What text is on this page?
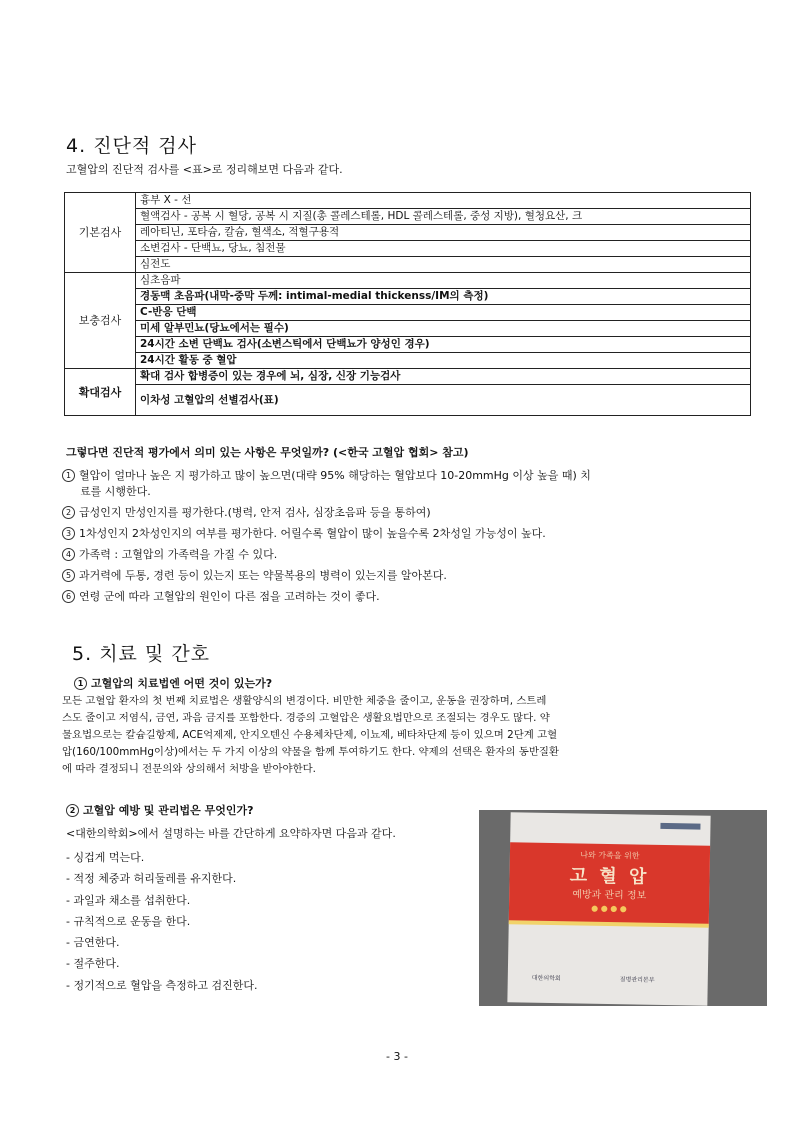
4. 진단적 검사
고혈압의 진단적 검사를 <표>로 정리해보면 다음과 같다.
기본검사	흉부 X - 선
	혈액검사 - 공복 시 혈당, 공복 시 지질(총 콜레스테롤, HDL 콜레스테롤, 중성 지방), 혈청요산, 크
	레아티닌, 포타슘, 칼슘, 혈색소, 적혈구용적
	소변검사 - 단백뇨, 당뇨, 침전물
	심전도
보충검사	심초음파
	경동맥 초음파(내막-중막 두께: intimal-medial thickenss/IM의 측정)
	C-반응 단백
	미세 알부민뇨(당뇨에서는 필수)
	24시간 소변 단백뇨 검사(소변스틱에서 단백뇨가 양성인 경우)
	24시간 활동 중 혈압
확대검사	확대 검사 합병증이 있는 경우에 뇌, 심장, 신장 기능검사
	이차성 고혈압의 선별검사(표)
그렇다면 진단적 평가에서 의미 있는 사항은 무엇일까? (<한국 고혈압 협회> 참고)
1 혈압이 얼마나 높은 지 평가하고 많이 높으면(대략 95% 해당하는 혈압보다 10-20mmHg 이상 높을 때) 치
료를 시행한다.
2 급성인지 만성인지를 평가한다.(병력, 안저 검사, 심장초음파 등을 통하여)
3 1차성인지 2차성인지의 여부를 평가한다. 어릴수록 혈압이 많이 높을수록 2차성일 가능성이 높다.
4 가족력 : 고혈압의 가족력을 가질 수 있다.
5 과거력에 두통, 경련 등이 있는지 또는 약물복용의 병력이 있는지를 알아본다.
6 연령 군에 따라 고혈압의 원인이 다른 점을 고려하는 것이 좋다.
5. 치료 및 간호
1 고혈압의 치료법엔 어떤 것이 있는가?
모든 고혈압 환자의 첫 번째 치료법은 생활양식의 변경이다. 비만한 체중을 줄이고, 운동을 권장하며, 스트레
스도 줄이고 저염식, 금연, 과음 금지를 포함한다. 경증의 고혈압은 생활요법만으로 조절되는 경우도 많다. 약
물요법으로는 칼슘길항제, ACE억제제, 안지오텐신 수용체차단제, 이뇨제, 베타차단제 등이 있으며 2단계 고혈
압(160/100mmHg이상)에서는 두 가지 이상의 약물을 함께 투여하기도 한다. 약제의 선택은 환자의 동반질환
에 따라 결정되니 전문의와 상의해서 처방을 받아야한다.
2 고혈압 예방 및 관리법은 무엇인가?
<대한의학회>에서 설명하는 바를 간단하게 요약하자면 다음과 같다.
- 싱겁게 먹는다.
- 적정 체중과 허리둘레를 유지한다.
- 과일과 채소를 섭취한다.
- 규칙적으로 운동을 한다.
- 금연한다.
- 절주한다.
- 정기적으로 혈압을 측정하고 검진한다.
나와 가족을 위한
고 혈 압
예방과 관리 정보
● ● ● ●
대한의학회	질병관리본부
- 3 -
